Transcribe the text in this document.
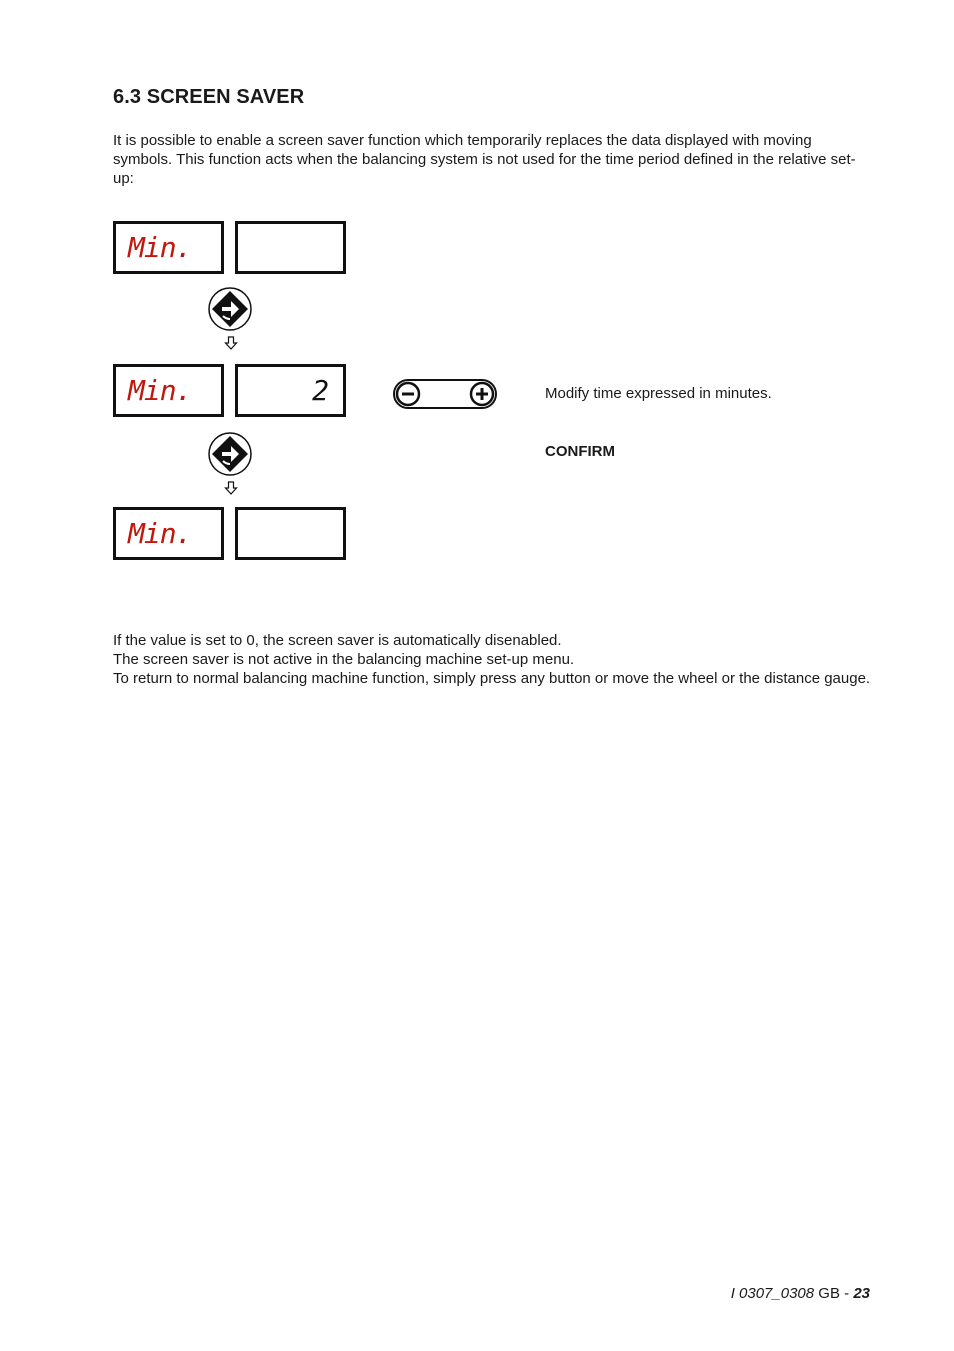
6.3 SCREEN SAVER

It is possible to enable a screen saver function which temporarily replaces the data displayed with moving symbols. This function acts when the balancing system is not used for the time period defined in the relative set-up:

Min.
Min.	2	Modify time expressed in minutes.
CONFIRM
Min.

If the value is set to 0, the screen saver is automatically disenabled.

The screen saver is not active in the balancing machine set-up menu.

To return to normal balancing machine function, simply press any button or move the wheel or the distance gauge.

I 0307_0308 GB - 23
